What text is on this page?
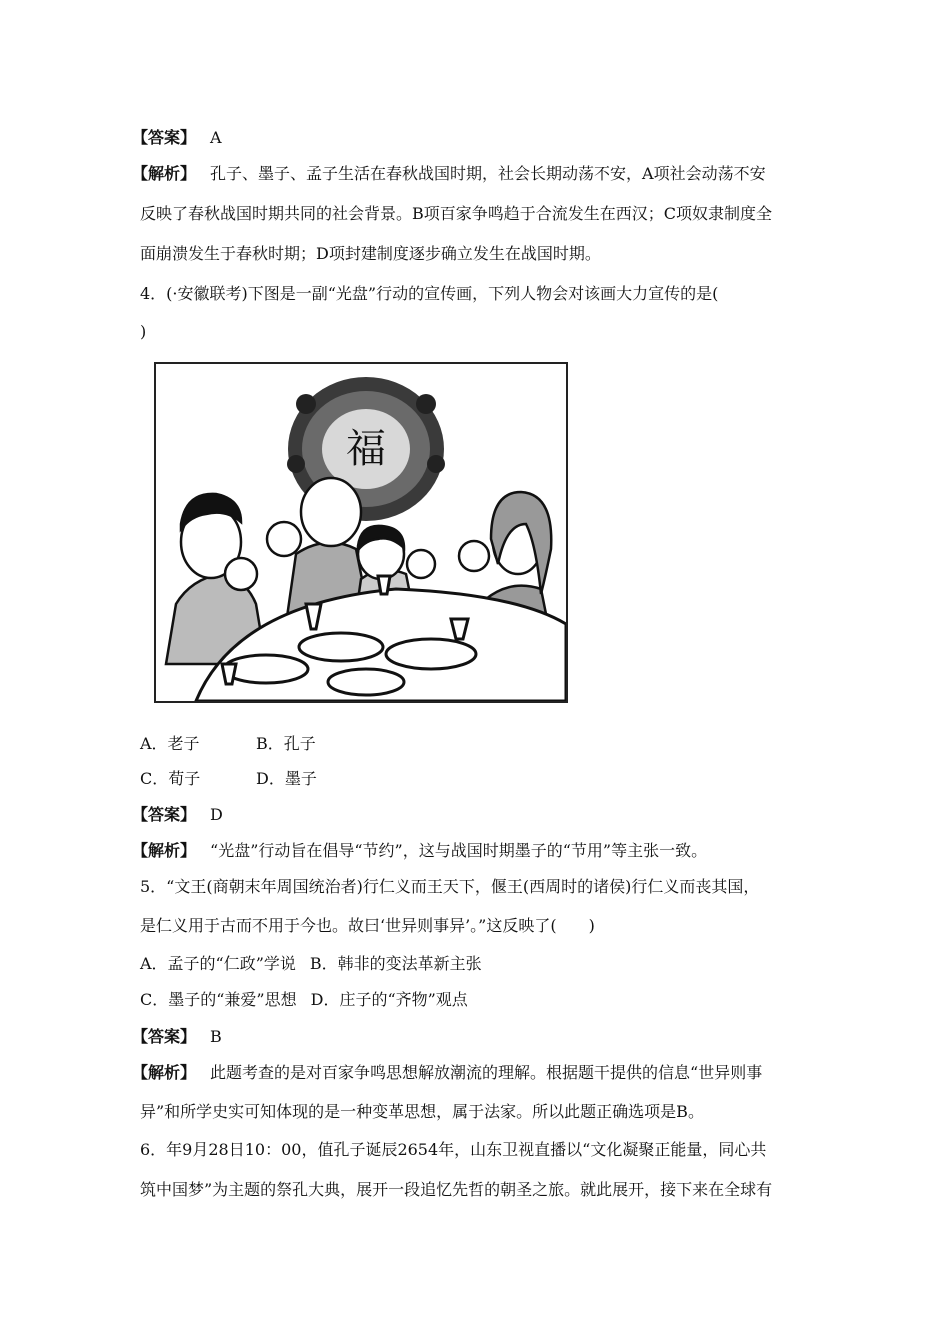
【答案】 A
【解析】 孔子、墨子、孟子生活在春秋战国时期，社会长期动荡不安，A项社会动荡不安
反映了春秋战国时期共同的社会背景。B项百家争鸣趋于合流发生在西汉；C项奴隶制度全
面崩溃发生于春秋时期；D项封建制度逐步确立发生在战国时期。
4．(·安徽联考)下图是一副“光盘”行动的宣传画，下列人物会对该画大力宣传的是(
)
福
A．老子	B．孔子
C．荀子	D．墨子
【答案】 D
【解析】 “光盘”行动旨在倡导“节约”，这与战国时期墨子的“节用”等主张一致。
5．“文王(商朝末年周国统治者)行仁义而王天下，偃王(西周时的诸侯)行仁义而丧其国，
是仁义用于古而不用于今也。故曰‘世异则事异’。”这反映了(　　)
A．孟子的“仁政”学说 B．韩非的变法革新主张
C．墨子的“兼爱”思想 D．庄子的“齐物”观点
【答案】 B
【解析】 此题考查的是对百家争鸣思想解放潮流的理解。根据题干提供的信息“世异则事
异”和所学史实可知体现的是一种变革思想，属于法家。所以此题正确选项是B。
6．年9月28日10：00，值孔子诞辰2654年，山东卫视直播以“文化凝聚正能量，同心共
筑中国梦”为主题的祭孔大典，展开一段追忆先哲的朝圣之旅。就此展开，接下来在全球有
